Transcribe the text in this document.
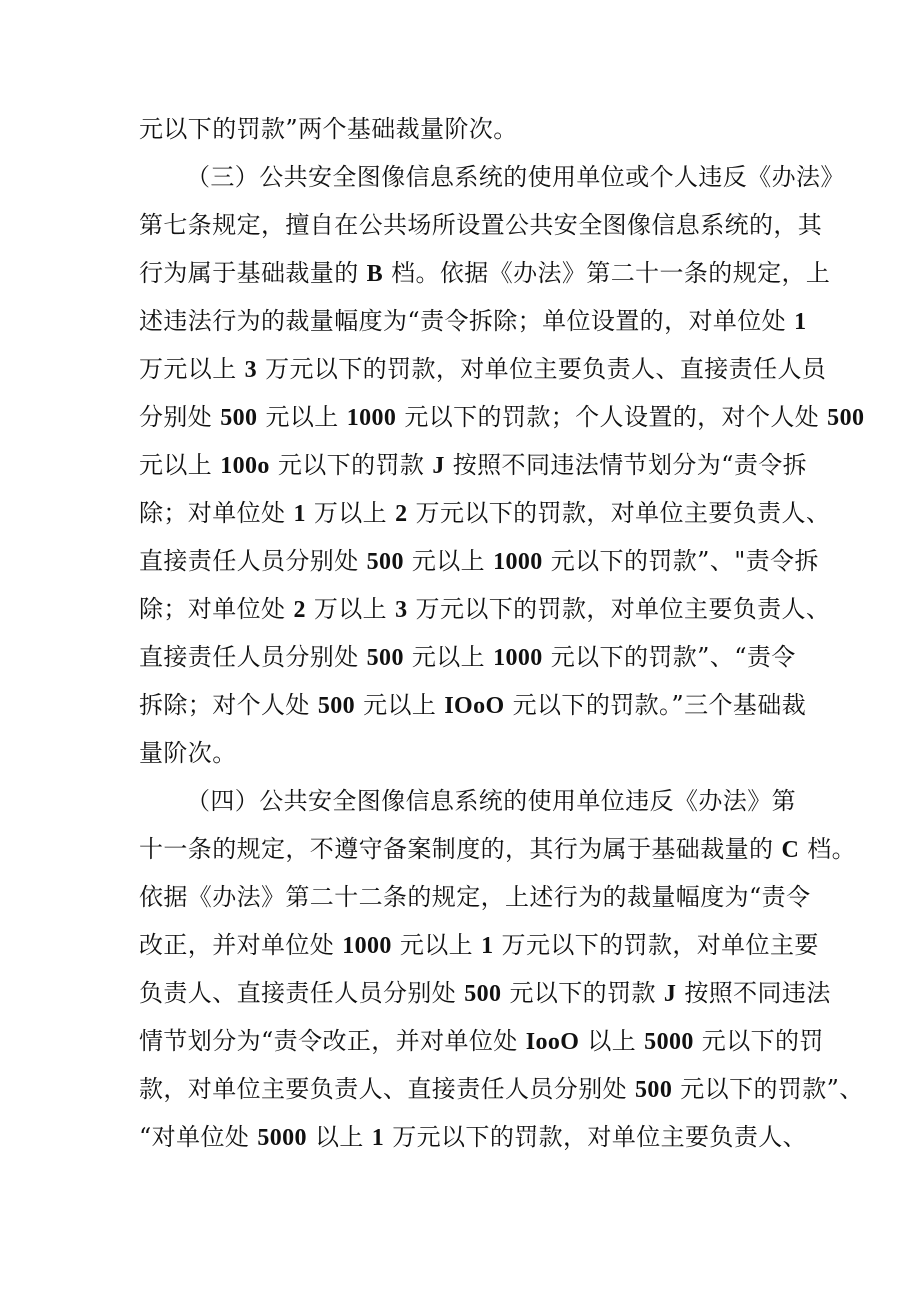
元以下的罚款”两个基础裁量阶次。
（三）公共安全图像信息系统的使用单位或个人违反《办法》
第七条规定，擅自在公共场所设置公共安全图像信息系统的，其
行为属于基础裁量的 B 档。依据《办法》第二十一条的规定，上
述违法行为的裁量幅度为“责令拆除；单位设置的，对单位处 1
万元以上 3 万元以下的罚款，对单位主要负责人、直接责任人员
分别处 500 元以上 1000 元以下的罚款；个人设置的，对个人处 500
元以上 100o 元以下的罚款 J 按照不同违法情节划分为“责令拆
除；对单位处 1 万以上 2 万元以下的罚款，对单位主要负责人、
直接责任人员分别处 500 元以上 1000 元以下的罚款”、"责令拆
除；对单位处 2 万以上 3 万元以下的罚款，对单位主要负责人、
直接责任人员分别处 500 元以上 1000 元以下的罚款”、“责令
拆除；对个人处 500 元以上 IOoO 元以下的罚款。”三个基础裁
量阶次。
（四）公共安全图像信息系统的使用单位违反《办法》第
十一条的规定，不遵守备案制度的，其行为属于基础裁量的 C 档。
依据《办法》第二十二条的规定，上述行为的裁量幅度为“责令
改正，并对单位处 1000 元以上 1 万元以下的罚款，对单位主要
负责人、直接责任人员分别处 500 元以下的罚款 J 按照不同违法
情节划分为“责令改正，并对单位处 IooO 以上 5000 元以下的罚
款，对单位主要负责人、直接责任人员分别处 500 元以下的罚款”、
“对单位处 5000 以上 1 万元以下的罚款，对单位主要负责人、
